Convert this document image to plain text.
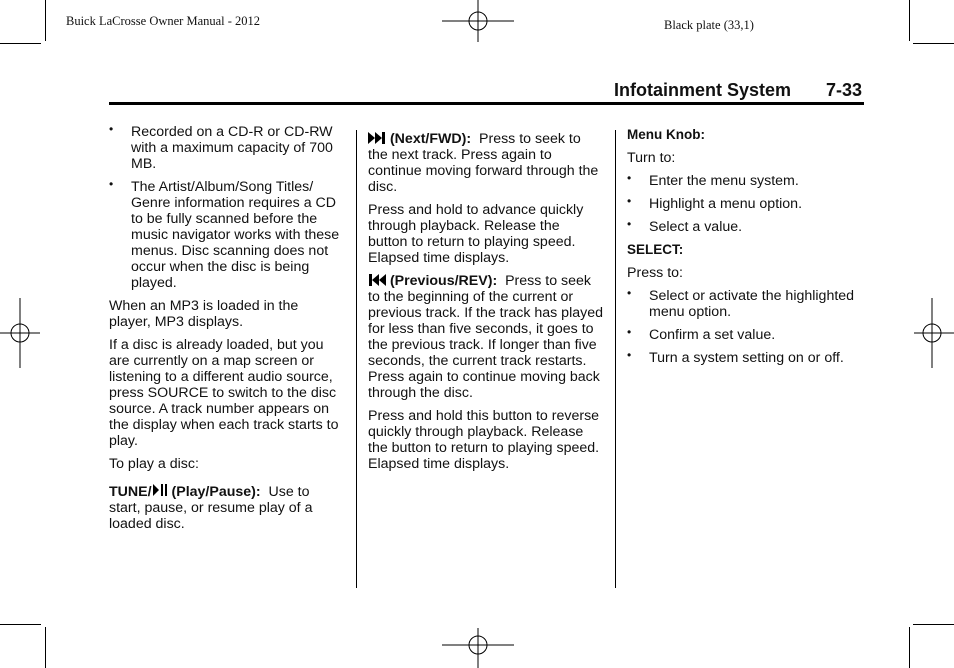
Buick LaCrosse Owner Manual - 2012	Black plate (33,1)
Infotainment System 7-33
• Recorded on a CD-R or CD-RW with a maximum capacity of 700 MB.
• The Artist/Album/Song Titles/ Genre information requires a CD to be fully scanned before the music navigator works with these menus. Disc scanning does not occur when the disc is being played.

When an MP3 is loaded in the player, MP3 displays.

If a disc is already loaded, but you are currently on a map screen or listening to a different audio source, press SOURCE to switch to the disc source. A track number appears on the display when each track starts to play.

To play a disc:

TUNE/ (Play/Pause): Use to start, pause, or resume play of a loaded disc.

(Next/FWD): Press to seek to the next track. Press again to continue moving forward through the disc.

Press and hold to advance quickly through playback. Release the button to return to playing speed. Elapsed time displays.

(Previous/REV): Press to seek to the beginning of the current or previous track. If the track has played for less than five seconds, it goes to the previous track. If longer than five seconds, the current track restarts. Press again to continue moving back through the disc.

Press and hold this button to reverse quickly through playback. Release the button to return to playing speed. Elapsed time displays.

Menu Knob:

Turn to:

• Enter the menu system.
• Highlight a menu option.
• Select a value.

SELECT:

Press to:

• Select or activate the highlighted menu option.
• Confirm a set value.
• Turn a system setting on or off.
